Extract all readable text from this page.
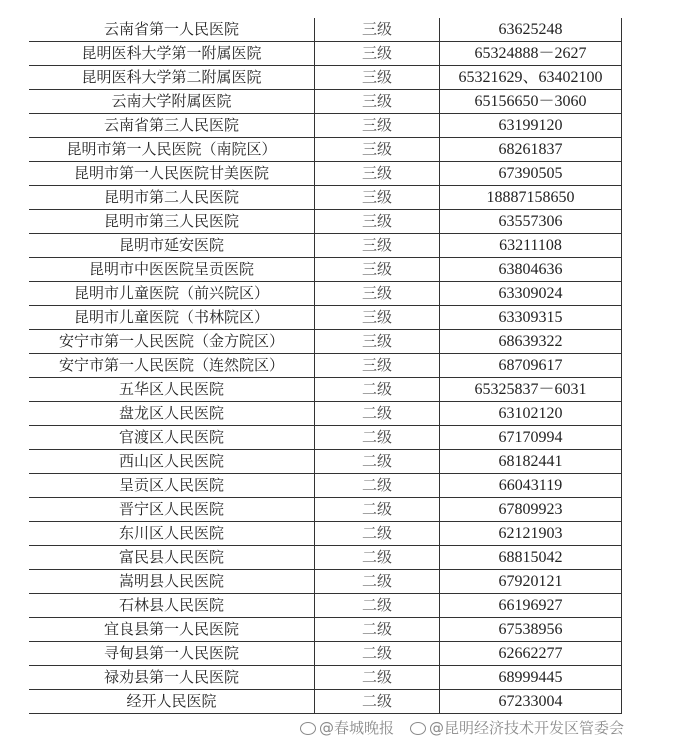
云南省第一人民医院	三级	63625248
昆明医科大学第一附属医院	三级	65324888－2627
昆明医科大学第二附属医院	三级	65321629、63402100
云南大学附属医院	三级	65156650－3060
云南省第三人民医院	三级	63199120
昆明市第一人民医院（南院区）	三级	68261837
昆明市第一人民医院甘美医院	三级	67390505
昆明市第二人民医院	三级	18887158650
昆明市第三人民医院	三级	63557306
昆明市延安医院	三级	63211108
昆明市中医医院呈贡医院	三级	63804636
昆明市儿童医院（前兴院区）	三级	63309024
昆明市儿童医院（书林院区）	三级	63309315
安宁市第一人民医院（金方院区）	三级	68639322
安宁市第一人民医院（连然院区）	三级	68709617
五华区人民医院	二级	65325837－6031
盘龙区人民医院	二级	63102120
官渡区人民医院	二级	67170994
西山区人民医院	二级	68182441
呈贡区人民医院	二级	66043119
晋宁区人民医院	二级	67809923
东川区人民医院	二级	62121903
富民县人民医院	二级	68815042
嵩明县人民医院	二级	67920121
石林县人民医院	二级	66196927
宜良县第一人民医院	二级	67538956
寻甸县第一人民医院	二级	62662277
禄劝县第一人民医院	二级	68999445
经开人民医院	二级	67233004
@春城晚报 @昆明经济技术开发区管委会
